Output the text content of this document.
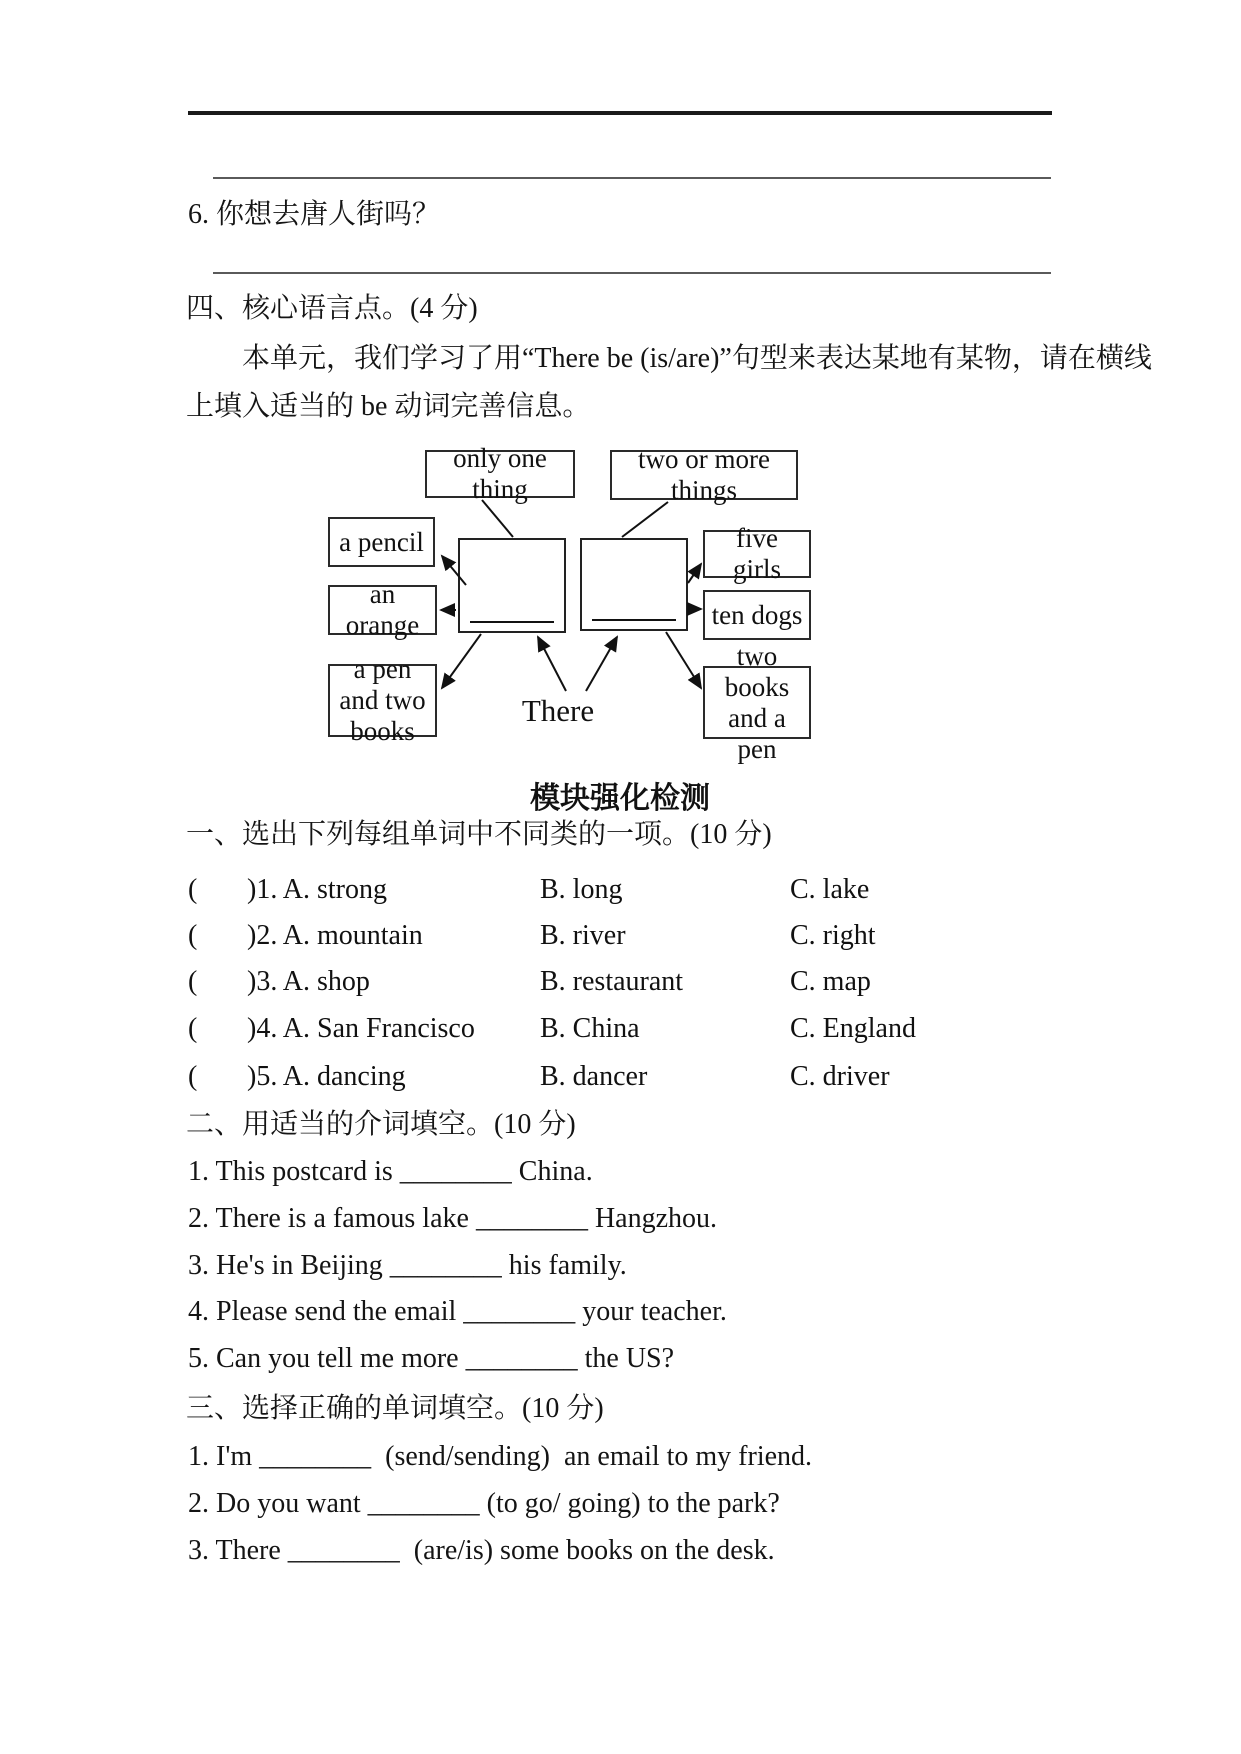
6. 你想去唐人街吗？
四、核心语言点。(4 分)
本单元，我们学习了用“There be (is/are)”句型来表达某地有某物，请在横线
上填入适当的 be 动词完善信息。
only one thing
two or more things
a pencil
an orange
a pen and two books
five girls
ten dogs
two books and a pen
There
模块强化检测
一、选出下列每组单词中不同类的一项。(10 分)
( )1. A. strong	B. long	C. lake
( )2. A. mountain	B. river	C. right
( )3. A. shop	B. restaurant	C. map
( )4. A. San Francisco B. China	C. England
( )5. A. dancing	B. dancer	C. driver
二、用适当的介词填空。(10 分)
1. This postcard is ________ China.
2. There is a famous lake ________ Hangzhou.
3. He's in Beijing ________ his family.
4. Please send the email ________ your teacher.
5. Can you tell me more ________ the US?
三、选择正确的单词填空。(10 分)
1. I'm ________  (send/sending)  an email to my friend.
2. Do you want ________ (to go/ going) to the park?
3. There ________  (are/is) some books on the desk.
